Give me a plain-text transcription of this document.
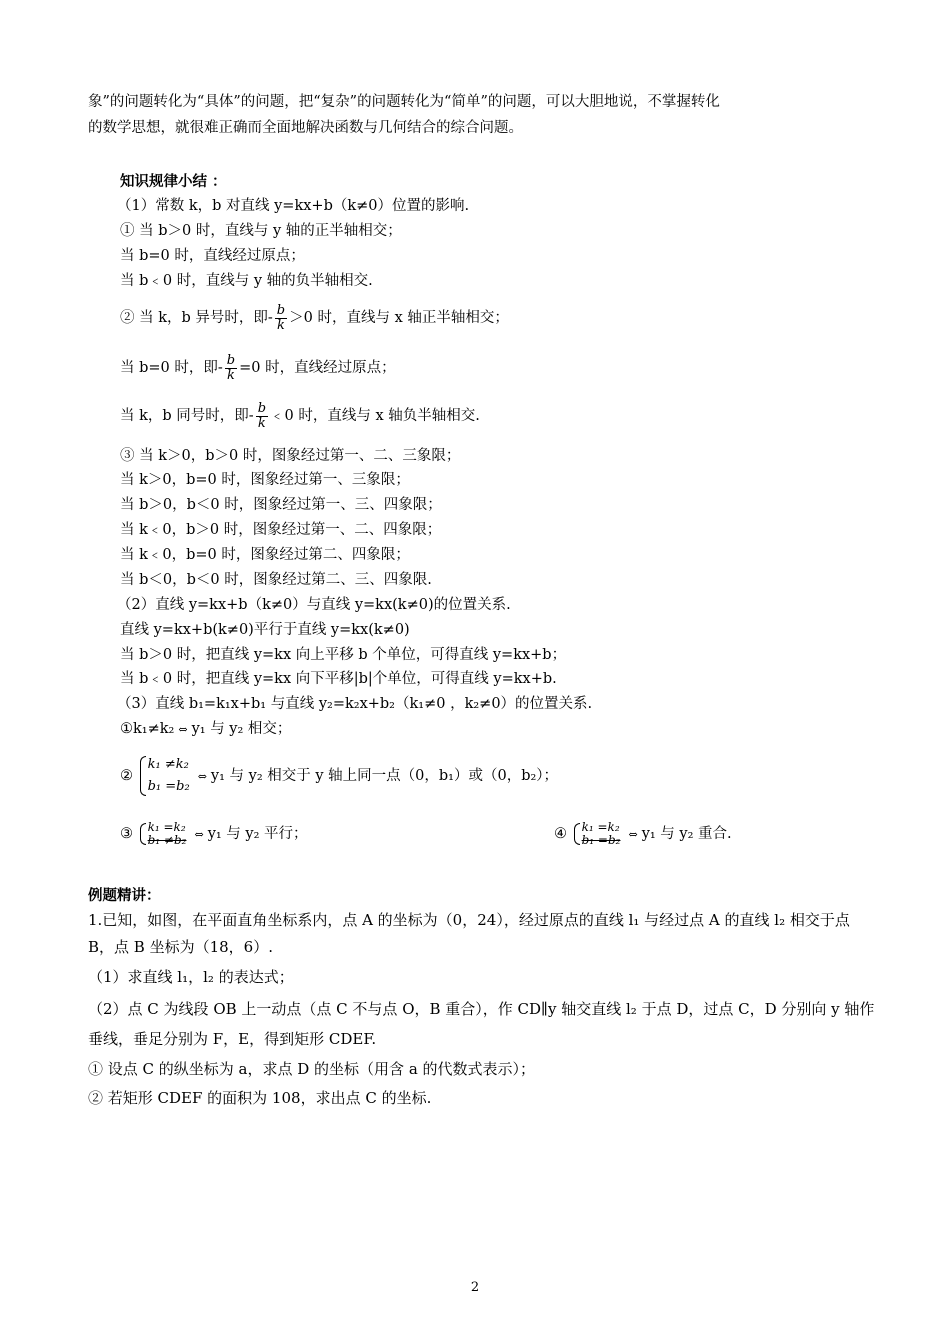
象”的问题转化为“具体”的问题，把“复杂”的问题转化为“简单”的问题，可以大胆地说，不掌握转化
的数学思想，就很难正确而全面地解决函数与几何结合的综合问题。
知识规律小结 ：
（1）常数 k，b 对直线 y=kx+b（k≠0）位置的影响.
① 当 b＞0 时，直线与 y 轴的正半轴相交；
当 b=0 时，直线经过原点；
当 b﹤0 时，直线与 y 轴的负半轴相交.
② 当 k，b 异号时，即- $\frac{b}{k} >0$ 时，直线与 x 轴正半轴相交；
当 b=0 时，即- $\frac{b}{k} =0$ 时，直线经过原点；
当 k，b 同号时，即- $\frac{b}{k}$ ﹤0 时，直线与 x 轴负半轴相交.
③ 当 k＞0，b＞0 时，图象经过第一、二、三象限；
当 k＞0，b=0 时，图象经过第一、三象限；
当 b＞0，b＜0 时，图象经过第一、三、四象限；
当 k﹤0，b＞0 时，图象经过第一、二、四象限；
当 k﹤0，b=0 时，图象经过第二、四象限；
当 b＜0，b＜0 时，图象经过第二、三、四象限.
（2）直线 y=kx+b（k≠0）与直线 y=kx(k≠0)的位置关系.
直线 y=kx+b(k≠0)平行于直线 y=kx(k≠0)
当 b＞0 时，把直线 y=kx 向上平移 b 个单位，可得直线 y=kx+b；
当 b﹤0 时，把直线 y=kx 向下平移|b|个单位，可得直线 y=kx+b.
（3）直线 b₁=k₁x+b₁ 与直线 y₂=k₂x+b₂（k₁≠0 ，k₂≠0）的位置关系.
①k₁≠k₂ ⇔ y₁ 与 y₂ 相交；
②
k₁ ≠k₂
b₁ =b₂
⇔ y₁ 与 y₂ 相交于 y 轴上同一点（0，b₁）或（0，b₂）；
③ k₁ =k₂
b₁ ≠b₂ ⇔ y₁ 与 y₂ 平行；	④ k₁ =k₂
b₁ =b₂ ⇔ y₁ 与 y₂ 重合.
例题精讲：
1.已知，如图，在平面直角坐标系内，点 A 的坐标为（0，24），经过原点的直线 l₁ 与经过点 A 的直线 l₂ 相交于点
B，点 B 坐标为（18，6）.
（1）求直线 l₁，l₂ 的表达式；
（2）点 C 为线段 OB 上一动点（点 C 不与点 O，B 重合），作 CD∥y 轴交直线 l₂ 于点 D，过点 C，D 分别向 y 轴作
垂线，垂足分别为 F，E，得到矩形 CDEF.
① 设点 C 的纵坐标为 a，求点 D 的坐标（用含 a 的代数式表示）；
② 若矩形 CDEF 的面积为 108，求出点 C 的坐标.
2
